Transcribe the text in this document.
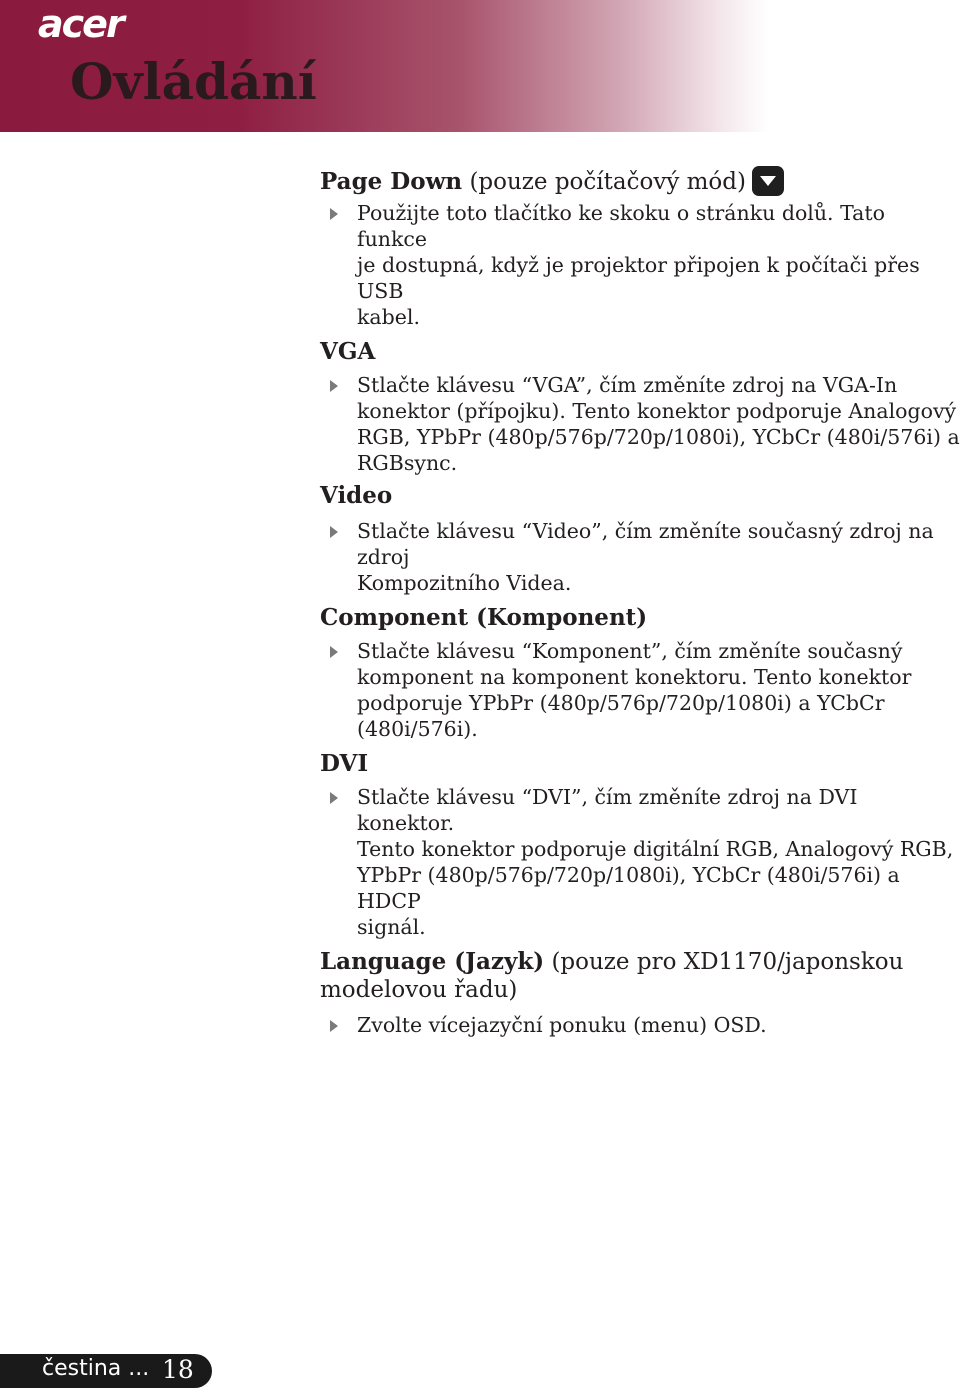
acer
Ovládání
Page Down (pouze počítačový mód)
Použijte toto tlačítko ke skoku o stránku dolů. Tato funkce
je dostupná, když je projektor připojen k počítači přes USB
kabel.
VGA
Stlačte klávesu “VGA”, čím změníte zdroj na VGA-In
konektor (přípojku). Tento konektor podporuje Analogový
RGB, YPbPr (480p/576p/720p/1080i), YCbCr (480i/576i) a
RGBsync.
Video
Stlačte klávesu “Video”, čím změníte současný zdroj na zdroj
Kompozitního Videa.
Component (Komponent)
Stlačte klávesu “Komponent”, čím změníte současný
komponent na komponent konektoru. Tento konektor
podporuje YPbPr (480p/576p/720p/1080i) a YCbCr
(480i/576i).
DVI
Stlačte klávesu “DVI”, čím změníte zdroj na DVI konektor.
Tento konektor podporuje digitální RGB, Analogový RGB,
YPbPr (480p/576p/720p/1080i), YCbCr (480i/576i) a HDCP
signál.
Language (Jazyk) (pouze pro XD1170/japonskou
modelovou řadu)
Zvolte vícejazyčnı́ ponuku (menu) OSD.
čestina ... 18
